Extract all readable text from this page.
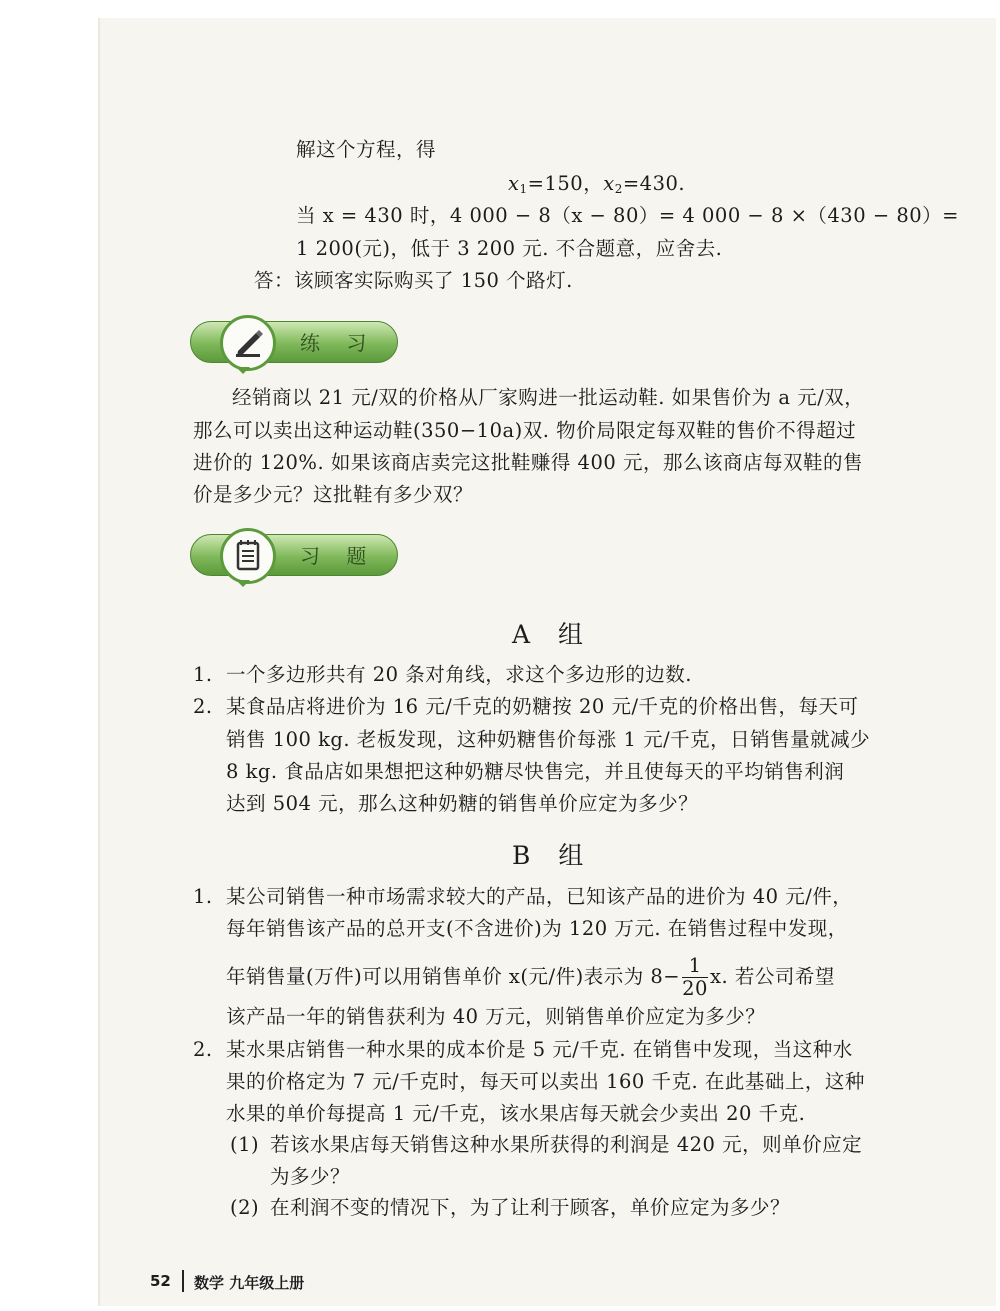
解这个方程，得
$x_1=150$，$x_2=430$.
当 x = 430 时，4 000 − 8（x − 80）= 4 000 − 8 ×（430 − 80）=
1 200(元)，低于 3 200 元. 不合题意，应舍去.
答：该顾客实际购买了 150 个路灯.
练 习
经销商以 21 元/双的价格从厂家购进一批运动鞋. 如果售价为 a 元/双，
那么可以卖出这种运动鞋(350−10a)双. 物价局限定每双鞋的售价不得超过
进价的 120%. 如果该商店卖完这批鞋赚得 400 元，那么该商店每双鞋的售
价是多少元？这批鞋有多少双？
习 题
A 组
1. 一个多边形共有 20 条对角线，求这个多边形的边数.
2. 某食品店将进价为 16 元/千克的奶糖按 20 元/千克的价格出售，每天可
销售 100 kg. 老板发现，这种奶糖售价每涨 1 元/千克，日销售量就减少
8 kg. 食品店如果想把这种奶糖尽快售完，并且使每天的平均销售利润
达到 504 元，那么这种奶糖的销售单价应定为多少？
B 组
1. 某公司销售一种市场需求较大的产品，已知该产品的进价为 40 元/件，
每年销售该产品的总开支(不含进价)为 120 万元. 在销售过程中发现，
年销售量(万件)可以用销售单价 x(元/件)表示为 $8- \frac{1}{20} x$. 若公司希望
该产品一年的销售获利为 40 万元，则销售单价应定为多少？
2. 某水果店销售一种水果的成本价是 5 元/千克. 在销售中发现，当这种水
果的价格定为 7 元/千克时，每天可以卖出 160 千克. 在此基础上，这种
水果的单价每提高 1 元/千克，该水果店每天就会少卖出 20 千克.
(1) 若该水果店每天销售这种水果所获得的利润是 420 元，则单价应定
为多少？
(2) 在利润不变的情况下，为了让利于顾客，单价应定为多少？
52 数学 九年级上册
